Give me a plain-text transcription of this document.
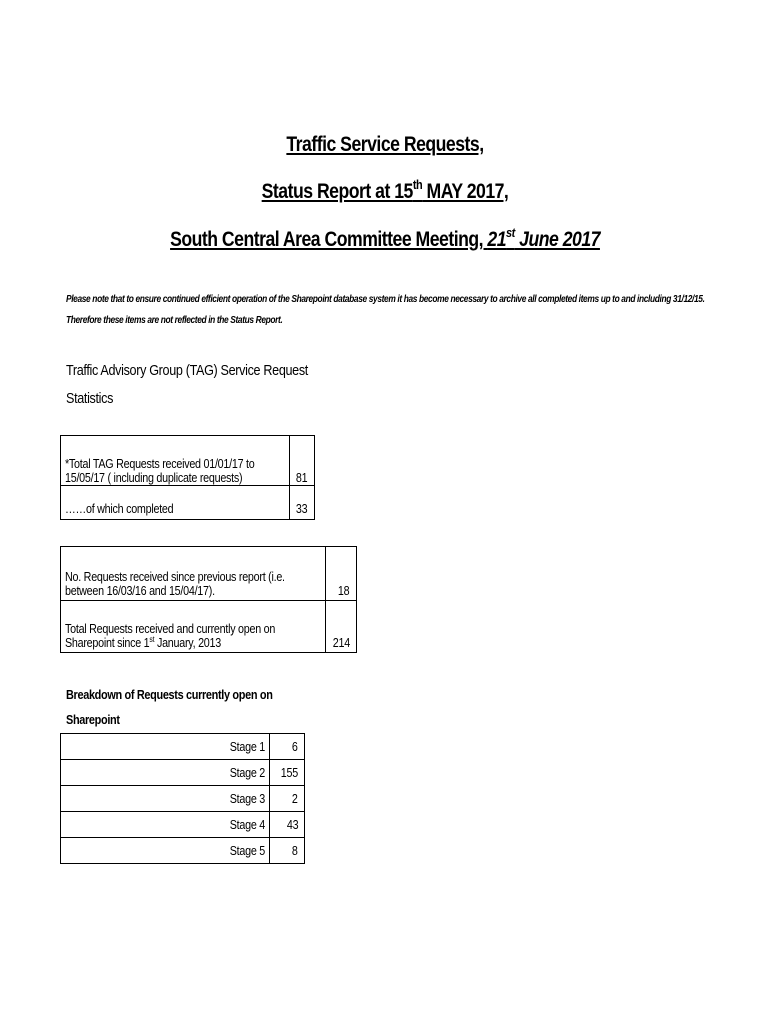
Traffic Service Requests,
Status Report at 15th MAY 2017,
South Central Area Committee Meeting, 21st June 2017
Please note that to ensure continued efficient operation of the Sharepoint database system it has become necessary to archive all completed items up to and including 31/12/15.
Therefore these items are not reflected in the Status Report.
Traffic Advisory Group (TAG) Service Request
Statistics
*Total TAG Requests received 01/01/17 to
15/05/17 ( including duplicate requests)	81
……of which completed	33
No. Requests received since previous report (i.e.
between 16/03/16 and 15/04/17).	18

Total Requests received and currently open on
Sharepoint since 1st January, 2013	214
Breakdown of Requests currently open on
Sharepoint
Stage 1	6
Stage 2	155
Stage 3	2
Stage 4	43
Stage 5	8
